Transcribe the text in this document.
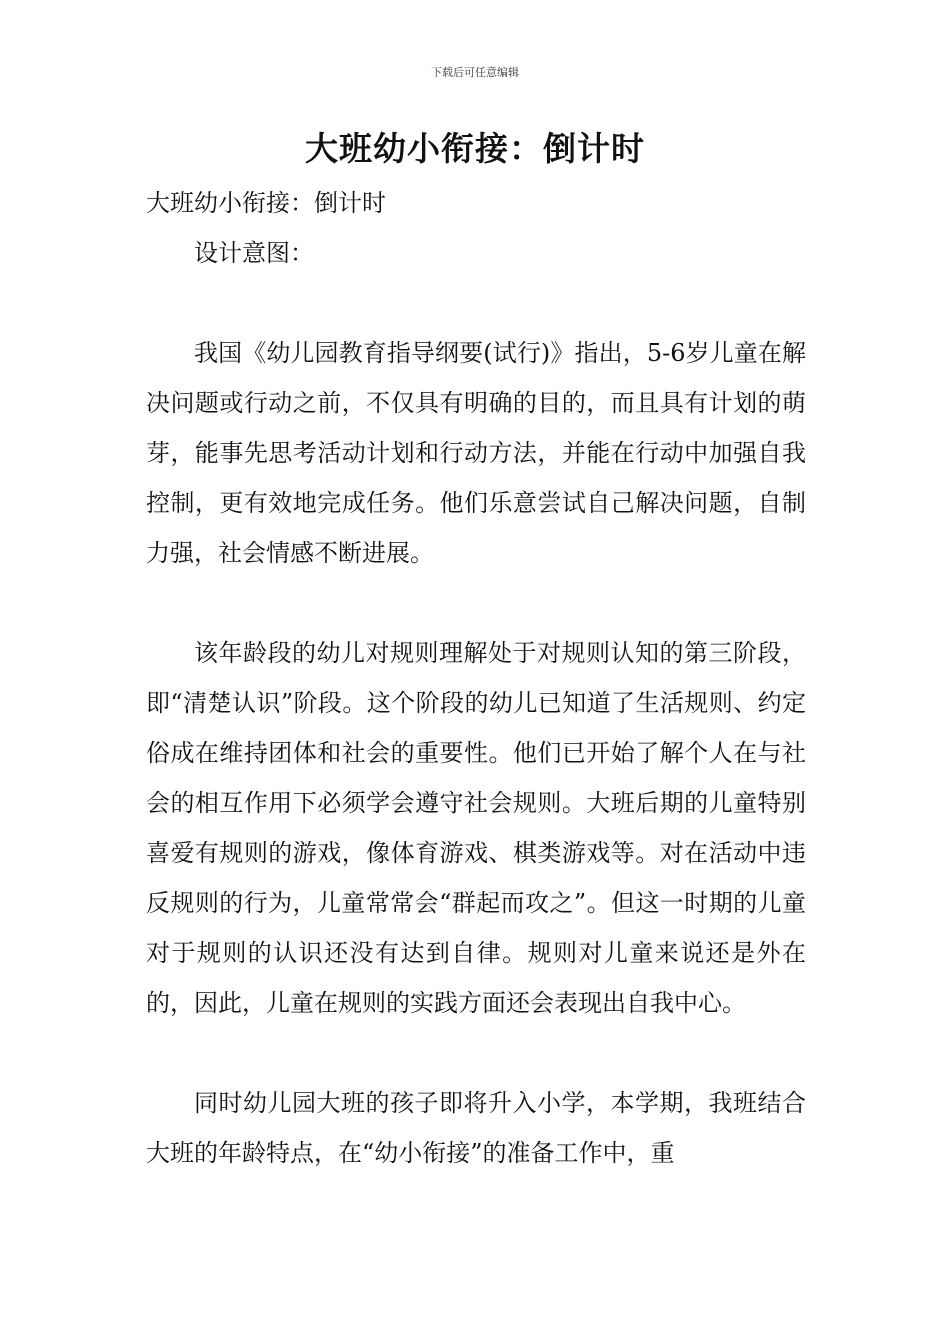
下载后可任意编辑
大班幼小衔接：倒计时

大班幼小衔接：倒计时

设计意图：

我国《幼儿园教育指导纲要(试行)》指出，5-6岁儿童在解决问题或行动之前，不仅具有明确的目的，而且具有计划的萌芽，能事先思考活动计划和行动方法，并能在行动中加强自我控制，更有效地完成任务。他们乐意尝试自己解决问题，自制力强，社会情感不断进展。

该年龄段的幼儿对规则理解处于对规则认知的第三阶段，即“清楚认识”阶段。这个阶段的幼儿已知道了生活规则、约定俗成在维持团体和社会的重要性。他们已开始了解个人在与社会的相互作用下必须学会遵守社会规则。大班后期的儿童特别喜爱有规则的游戏，像体育游戏、棋类游戏等。对在活动中违反规则的行为，儿童常常会“群起而攻之”。但这一时期的儿童对于规则的认识还没有达到自律。规则对儿童来说还是外在的，因此，儿童在规则的实践方面还会表现出自我中心。

同时幼儿园大班的孩子即将升入小学，本学期，我班结合大班的年龄特点，在“幼小衔接”的准备工作中，重
